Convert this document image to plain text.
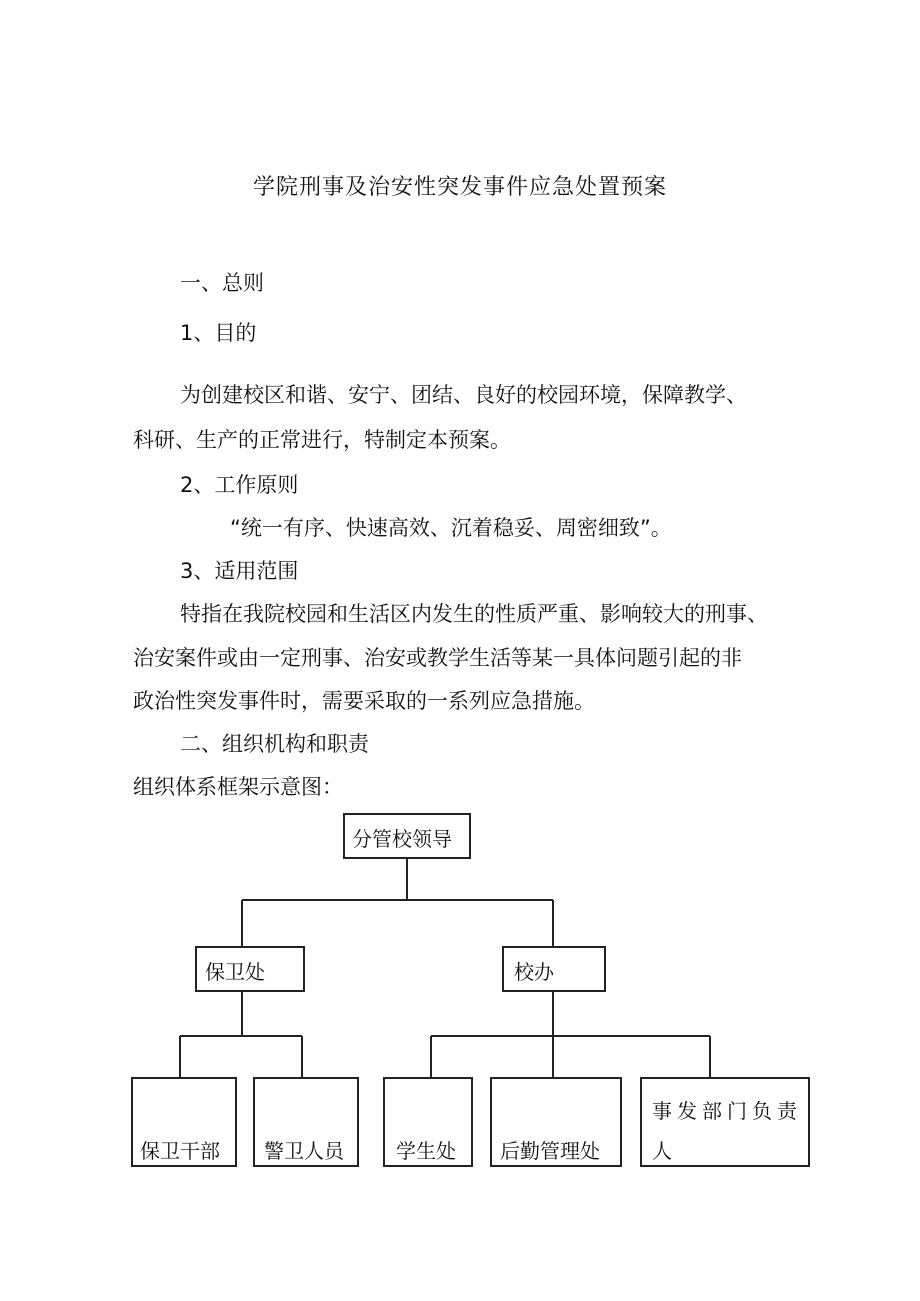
学院刑事及治安性突发事件应急处置预案
一、总则
1、目的
为创建校区和谐、安宁、团结、良好的校园环境，保障教学、
科研、生产的正常进行，特制定本预案。
2、工作原则
“统一有序、快速高效、沉着稳妥、周密细致”。
3、适用范围
特指在我院校园和生活区内发生的性质严重、影响较大的刑事、
治安案件或由一定刑事、治安或教学生活等某一具体问题引起的非
政治性突发事件时，需要采取的一系列应急措施。
二、组织机构和职责
组织体系框架示意图：
分管校领导
保卫处	校办
保卫干部 警卫人员	学生处 后勤管理处
事发部门负责
人
